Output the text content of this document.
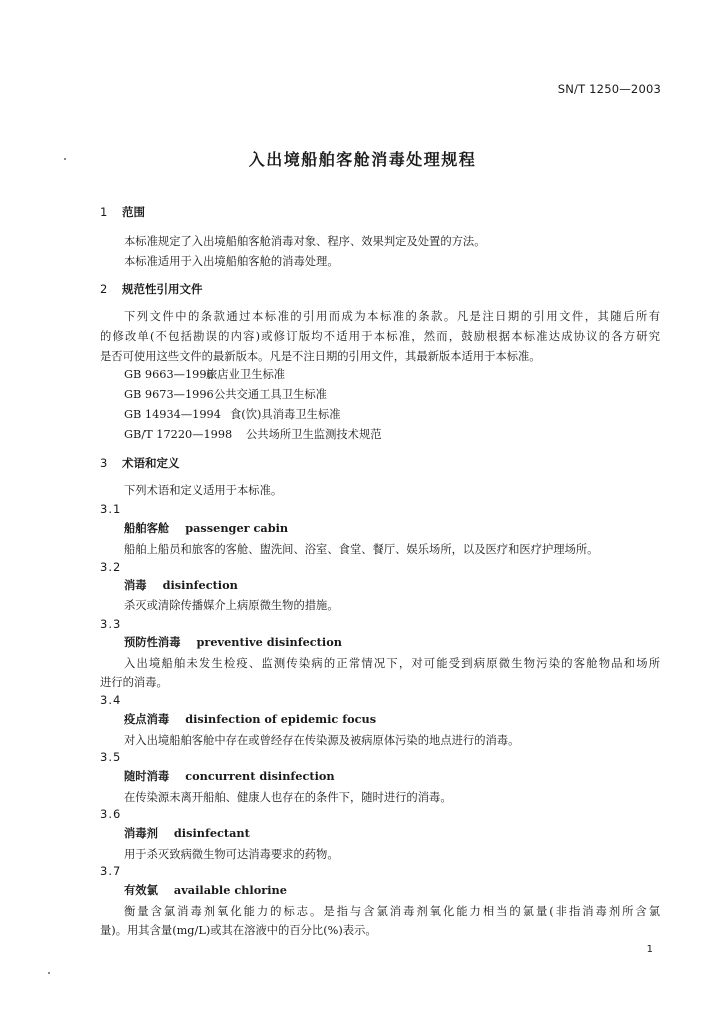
SN/T 1250—2003
入出境船舶客舱消毒处理规程
1 范围
本标准规定了入出境船舶客舱消毒对象、程序、效果判定及处置的方法。
本标准适用于入出境船舶客舱的消毒处理。
2 规范性引用文件
下列文件中的条款通过本标准的引用而成为本标准的条款。凡是注日期的引用文件，其随后所有
的修改单(不包括勘误的内容)或修订版均不适用于本标准，然而，鼓励根据本标准达成协议的各方研究
是否可使用这些文件的最新版本。凡是不注日期的引用文件，其最新版本适用于本标准。
GB 9663—1996旅店业卫生标准
GB 9673—1996公共交通工具卫生标准
GB 14934—1994 食(饮)具消毒卫生标准
GB/T 17220—1998 公共场所卫生监测技术规范
3 术语和定义
下列术语和定义适用于本标准。
3.1
船舶客舱 passenger cabin
船舶上船员和旅客的客舱、盥洗间、浴室、食堂、餐厅、娱乐场所，以及医疗和医疗护理场所。
3.2
消毒 disinfection
杀灭或清除传播媒介上病原微生物的措施。
3.3
预防性消毒 preventive disinfection
入出境船舶未发生检疫、监测传染病的正常情况下，对可能受到病原微生物污染的客舱物品和场所
进行的消毒。
3.4
疫点消毒 disinfection of epidemic focus
对入出境船舶客舱中存在或曾经存在传染源及被病原体污染的地点进行的消毒。
3.5
随时消毒 concurrent disinfection
在传染源未离开船舶、健康人也存在的条件下，随时进行的消毒。
3.6
消毒剂 disinfectant
用于杀灭致病微生物可达消毒要求的药物。
3.7
有效氯 available chlorine
衡量含氯消毒剂氧化能力的标志。是指与含氯消毒剂氧化能力相当的氯量(非指消毒剂所含氯
量)。用其含量(mg/L)或其在溶液中的百分比(%)表示。
1
